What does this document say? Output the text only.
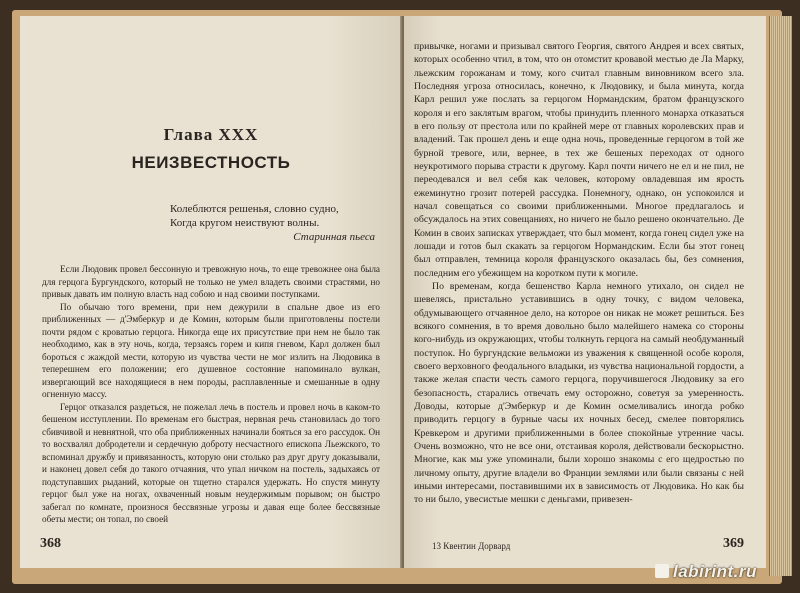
Глава XXX
НЕИЗВЕСТНОСТЬ
Колеблются решенья, словно судно,
Когда кругом неиствуют волны.
Старинная пьеса

Если Людовик провел бессонную и тревожную ночь, то еще тревожнее она была для герцога Бургундского, который не только не умел владеть своими страстями, но привык давать им полную власть над собою и над своими поступками.

По обычаю того времени, при нем дежурили в спальне двое из его приближенных — д'Эмберкур и де Комин, которым были приготовлены постели почти рядом с кроватью герцога. Никогда еще их присутствие при нем не было так необходимо, как в эту ночь, когда, терзаясь горем и кипя гневом, Карл должен был бороться с жаждой мести, которую из чувства чести не мог излить на Людовика в теперешнем его положении; его душевное состояние напоминало вулкан, извергающий все находящиеся в нем породы, расплавленные и смешанные в одну огненную массу.

Герцог отказался раздеться, не пожелал лечь в постель и провел ночь в каком-то бешеном исступлении. По временам его быстрая, нервная речь становилась до того сбивчивой и невнятной, что оба приближенных начинали бояться за его рассудок. Он то восхвалял добродетели и сердечную доброту несчастного епископа Льежского, то вспоминал дружбу и привязанность, которую они столько раз друг другу доказывали, и наконец довел себя до такого отчаяния, что упал ничком на постель, задыхаясь от подступавших рыданий, которые он тщетно старался удержать. Но спустя минуту герцог был уже на ногах, охваченный новым неудержимым порывом; он быстро забегал по комнате, произнося бессвязные угрозы и давая еще более бессвязные обеты мести; он топал, по своей

368

привычке, ногами и призывал святого Георгия, святого Андрея и всех святых, которых особенно чтил, в том, что он отомстит кровавой местью де Ла Марку, льежским горожанам и тому, кого считал главным виновником всего зла. Последняя угроза относилась, конечно, к Людовику, и была минута, когда Карл решил уже послать за герцогом Нормандским, братом французского короля и его заклятым врагом, чтобы принудить пленного монарха отказаться в его пользу от престола или по крайней мере от главных королевских прав и владений. Так прошел день и еще одна ночь, проведенные герцогом в той же бурной тревоге, или, вернее, в тех же бешеных переходах от одного неукротимого порыва страсти к другому. Карл почти ничего не ел и не пил, не переодевался и вел себя как человек, которому овладевшая им ярость ежеминутно грозит потерей рассудка. Понемногу, однако, он успокоился и начал совещаться со своими приближенными. Многое предлагалось и обсуждалось на этих совещаниях, но ничего не было решено окончательно. Де Комин в своих записках утверждает, что был момент, когда гонец сидел уже на лошади и готов был скакать за герцогом Нормандским. Если бы этот гонец был отправлен, темница короля французского оказалась бы, без сомнения, последним его убежищем на коротком пути к могиле.

По временам, когда бешенство Карла немного утихало, он сидел не шевелясь, пристально уставившись в одну точку, с видом человека, обдумывающего отчаянное дело, на которое он никак не может решиться. Без всякого сомнения, в то время довольно было малейшего намека со стороны кого-нибудь из окружающих, чтобы толкнуть герцога на самый необдуманный поступок. Но бургундские вельможи из уважения к священной особе короля, своего верховного феодального владыки, из чувства национальной гордости, а также желая спасти честь самого герцога, поручившегося Людовику за его безопасность, старались отвечать ему осторожно, советуя за умеренность. Доводы, которые д'Эмберкур и де Комин осмеливались иногда робко приводить герцогу в бурные часы их ночных бесед, смелее повторялись Кревкером и другими приближенными в более спокойные утренние часы. Очень возможно, что не все они, отстаивая короля, действовали бескорыстно. Многие, как мы уже упоминали, были хорошо знакомы с его щедростью по личному опыту, другие владели во Франции землями или были связаны с ней иными интересами, поставившими их в зависимость от Людовика. Но как бы то ни было, увесистые мешки с деньгами, привезен-

13 Квентин Дорвард	369
labirint.ru
